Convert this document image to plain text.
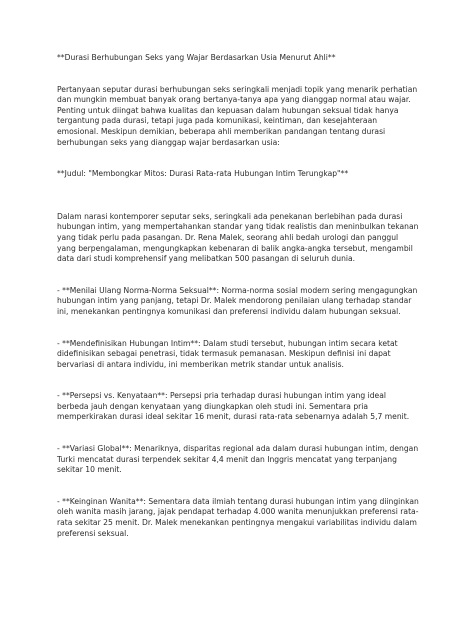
**Durasi Berhubungan Seks yang Wajar Berdasarkan Usia Menurut Ahli**

Pertanyaan seputar durasi berhubungan seks seringkali menjadi topik yang menarik perhatian dan mungkin membuat banyak orang bertanya-tanya apa yang dianggap normal atau wajar. Penting untuk diingat bahwa kualitas dan kepuasan dalam hubungan seksual tidak hanya tergantung pada durasi, tetapi juga pada komunikasi, keintiman, dan kesejahteraan emosional. Meskipun demikian, beberapa ahli memberikan pandangan tentang durasi berhubungan seks yang dianggap wajar berdasarkan usia:

**Judul: "Membongkar Mitos: Durasi Rata-rata Hubungan Intim Terungkap"**

Dalam narasi kontemporer seputar seks, seringkali ada penekanan berlebihan pada durasi hubungan intim, yang mempertahankan standar yang tidak realistis dan meninbulkan tekanan yang tidak perlu pada pasangan. Dr. Rena Malek, seorang ahli bedah urologi dan panggul yang berpengalaman, mengungkapkan kebenaran di balik angka-angka tersebut, mengambil data dari studi komprehensif yang melibatkan 500 pasangan di seluruh dunia.

- **Menilai Ulang Norma-Norma Seksual**: Norma-norma sosial modern sering mengagungkan hubungan intim yang panjang, tetapi Dr. Malek mendorong penilaian ulang terhadap standar ini, menekankan pentingnya komunikasi dan preferensi individu dalam hubungan seksual.

- **Mendefinisikan Hubungan Intim**: Dalam studi tersebut, hubungan intim secara ketat didefinisikan sebagai penetrasi, tidak termasuk pemanasan. Meskipun definisi ini dapat bervariasi di antara individu, ini memberikan metrik standar untuk analisis.

- **Persepsi vs. Kenyataan**: Persepsi pria terhadap durasi hubungan intim yang ideal berbeda jauh dengan kenyataan yang diungkapkan oleh studi ini. Sementara pria memperkirakan durasi ideal sekitar 16 menit, durasi rata-rata sebenarnya adalah 5,7 menit.

- **Variasi Global**: Menariknya, disparitas regional ada dalam durasi hubungan intim, dengan Turki mencatat durasi terpendek sekitar 4,4 menit dan Inggris mencatat yang terpanjang sekitar 10 menit.

- **Keinginan Wanita**: Sementara data ilmiah tentang durasi hubungan intim yang diinginkan oleh wanita masih jarang, jajak pendapat terhadap 4.000 wanita menunjukkan preferensi rata-rata sekitar 25 menit. Dr. Malek menekankan pentingnya mengakui variabilitas individu dalam preferensi seksual.
